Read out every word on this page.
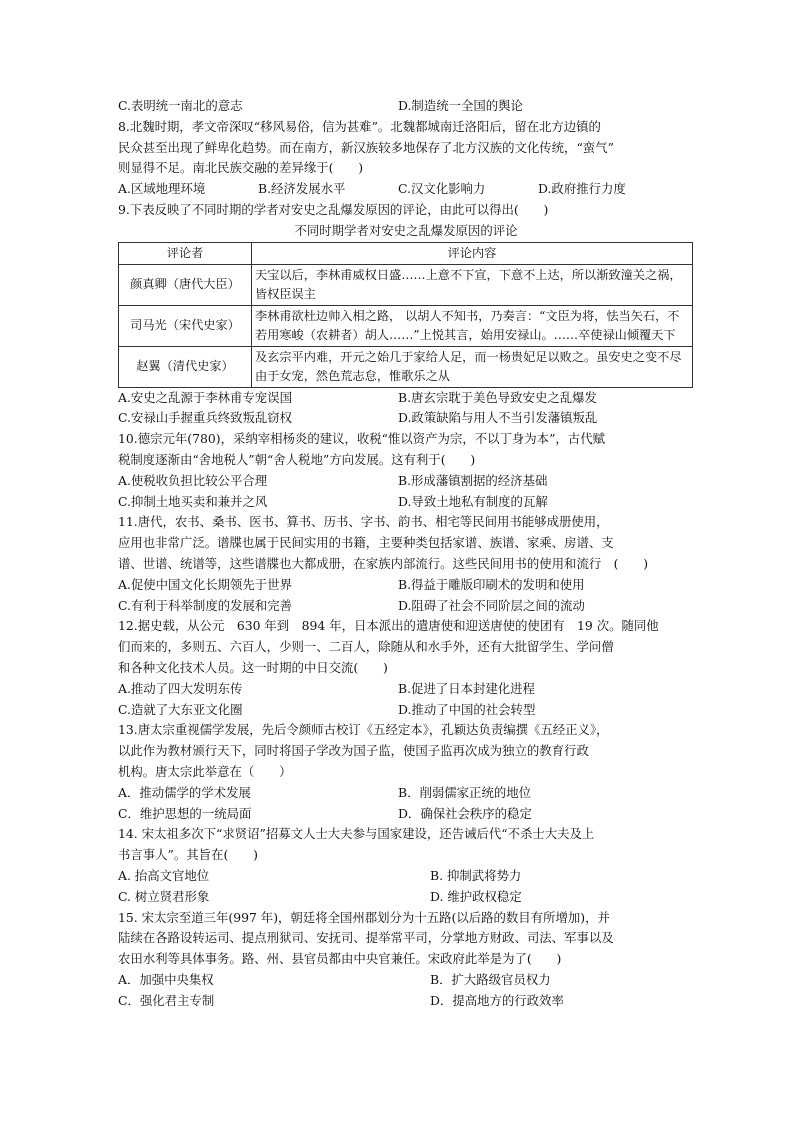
C.表明统一南北的意志	D.制造统一全国的舆论
8.北魏时期，孝文帝深叹“移风易俗，信为甚难”。北魏都城南迁洛阳后，留在北方边镇的
民众甚至出现了鲜卑化趋势。而在南方，新汉族较多地保存了北方汉族的文化传统，“蛮气”
则显得不足。南北民族交融的差异缘于(　　)
A.区域地理环境	B.经济发展水平	C.汉文化影响力	D.政府推行力度
9.下表反映了不同时期的学者对安史之乱爆发原因的评论，由此可以得出(　　)
不同时期学者对安史之乱爆发原因的评论
评论者	评论内容
颜真卿（唐代大臣）	天宝以后，李林甫威权日盛……上意不下宣，下意不上达，所以渐致潼关之祸，皆权臣误主
司马光（宋代史家）	李林甫欲杜边帅入相之路， 以胡人不知书，乃奏言：“文臣为将，怯当矢石，不若用寒峻（农耕者）胡人……”上悦其言，始用安禄山。……卒使禄山倾覆天下
赵翼（清代史家）	及玄宗平内难，开元之始几于家给人足，而一杨贵妃足以败之。虽安史之变不尽由于女宠，然色荒志怠，惟歌乐之从
A.安史之乱源于李林甫专宠误国	B.唐玄宗耽于美色导致安史之乱爆发
C.安禄山手握重兵终致叛乱窃权	D.政策缺陷与用人不当引发藩镇叛乱
10.德宗元年(780)，采纳宰相杨炎的建议，收税“惟以资产为宗，不以丁身为本”，古代赋
税制度逐渐由“舍地税人”朝“舍人税地”方向发展。这有利于(　　)
A.使税收负担比较公平合理	B.形成藩镇割据的经济基础
C.抑制土地买卖和兼并之风	D.导致土地私有制度的瓦解
11.唐代，农书、桑书、医书、算书、历书、字书、韵书、相宅等民间用书能够成册使用，
应用也非常广泛。谱牒也属于民间实用的书籍，主要种类包括家谱、族谱、家乘、房谱、支
谱、世谱、统谱等，这些谱牒也大都成册，在家族内部流行。这些民间用书的使用和流行　(　　)
A.促使中国文化长期领先于世界	B.得益于雕版印刷术的发明和使用
C.有利于科举制度的发展和完善	D.阻碍了社会不同阶层之间的流动
12.据史载，从公元　630 年到　894 年，日本派出的遣唐使和迎送唐使的使团有　19 次。随同他
们而来的，多则五、六百人，少则一、二百人，除随从和水手外，还有大批留学生、学问僧
和各种文化技术人员。这一时期的中日交流(　　)
A.推动了四大发明东传	B.促进了日本封建化进程
C.造就了大东亚文化圈	D.推动了中国的社会转型
13.唐太宗重视儒学发展，先后令颜师古校订《五经定本》，孔颖达负责编撰《五经正义》，
以此作为教材颁行天下，同时将国子学改为国子监，使国子监再次成为独立的教育行政
机构。唐太宗此举意在（　　）
A．推动儒学的学术发展	B．削弱儒家正统的地位
C．维护思想的一统局面	D．确保社会秩序的稳定
14. 宋太祖多次下“求贤诏”招募文人士大夫参与国家建设，还告诫后代“不杀士大夫及上
书言事人”。其旨在(　　)
A. 抬高文官地位	B. 抑制武将势力
C. 树立贤君形象	D. 维护政权稳定
15. 宋太宗至道三年(997 年)，朝廷将全国州郡划分为十五路(以后路的数目有所增加)，并
陆续在各路设转运司、提点刑狱司、安抚司、提举常平司，分掌地方财政、司法、军事以及
农田水利等具体事务。路、州、县官员都由中央官兼任。宋政府此举是为了(　　)
A．加强中央集权	B．扩大路级官员权力
C．强化君主专制	D．提高地方的行政效率
